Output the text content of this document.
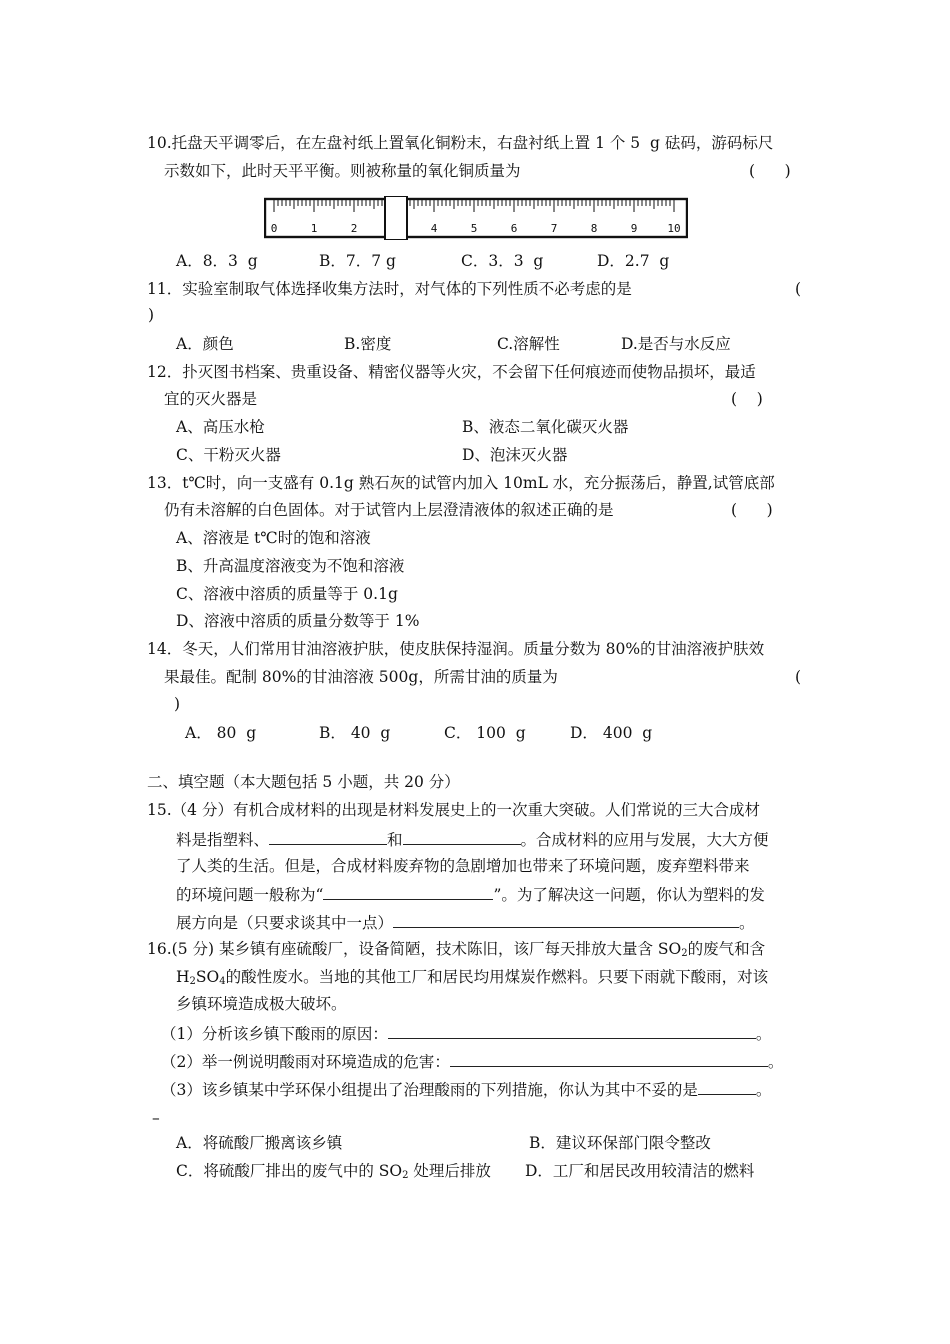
10.托盘天平调零后，在左盘衬纸上置氧化铜粉末，右盘衬纸上置 1 个 5  g 砝码，游码标尺
示数如下，此时天平平衡。则被称量的氧化铜质量为	(      )
0	1	2	4	5	6	7	8	9	10
A．8．3  g	B．7．7 g	C．3．3  g	D．2.7  g
11．实验室制取气体选择收集方法时，对气体的下列性质不必考虑的是	(
)
A．颜色	B.密度	C.溶解性	D.是否与水反应
12．扑灭图书档案、贵重设备、精密仪器等火灾，不会留下任何痕迹而使物品损坏，最适
宜的灭火器是	(    )
A、高压水枪	B、液态二氧化碳灭火器
C、干粉灭火器	D、泡沫灭火器
13．t℃时，向一支盛有 0.1g 熟石灰的试管内加入 10mL 水，充分振荡后，静置,试管底部
仍有未溶解的白色固体。对于试管内上层澄清液体的叙述正确的是	(      )
A、溶液是 t℃时的饱和溶液
B、升高温度溶液变为不饱和溶液
C、溶液中溶质的质量等于 0.1g
D、溶液中溶质的质量分数等于 1%
14．冬天，人们常用甘油溶液护肤，使皮肤保持湿润。质量分数为 80%的甘油溶液护肤效
果最佳。配制 80%的甘油溶液 500g，所需甘油的质量为	(
)
A． 80  g	B． 40  g	C． 100  g	D． 400  g
二、填空题（本大题包括 5 小题，共 20 分）
15.（4 分）有机合成材料的出现是材料发展史上的一次重大突破。人们常说的三大合成材
料是指塑料、	和	。合成材料的应用与发展，大大方便
了人类的生活。但是，合成材料废弃物的急剧增加也带来了环境问题，废弃塑料带来
的环境问题一般称为“	”。为了解决这一问题，你认为塑料的发
展方向是（只要求谈其中一点）	。
16.(5 分) 某乡镇有座硫酸厂，设备简陋，技术陈旧，该厂每天排放大量含 $SO_2$的废气和含
$H_2SO_4$的酸性废水。当地的其他工厂和居民均用煤炭作燃料。只要下雨就下酸雨，对该
乡镇环境造成极大破坏。
（1）分析该乡镇下酸雨的原因：	。
（2）举一例说明酸雨对环境造成的危害：	。
（3）该乡镇某中学环保小组提出了治理酸雨的下列措施，你认为其中不妥的是	。
–
A．将硫酸厂搬离该乡镇	B．建议环保部门限令整改
C．将硫酸厂排出的废气中的 $SO_2$ 处理后排放 D．工厂和居民改用较清洁的燃料
